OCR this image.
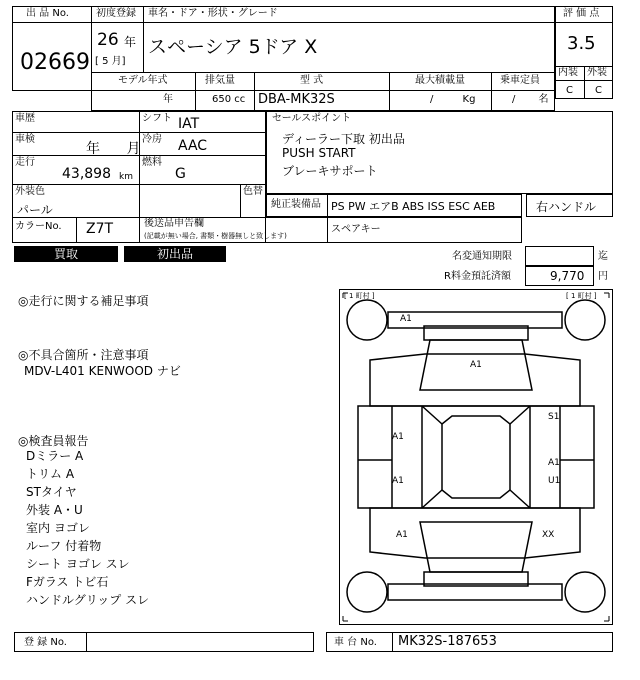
出 品 No.
02669
初度登録 車名・ドア・形状・グレード
26 年
[ 5 月]
スペーシア 5ドア X
モデル年式	排気量	型 式	最大積載量	乗車定員
年	650 cc DBA-MK32S	/ Kg	/ 名
評 価 点
3.5
内装 外装
C C
車歴	シフト IAT
車検
年 月
冷房 AAC
走行
43,898 km
燃料
G
外装色
パール
色替
カラーNo. Z7T	後送品申告欄
(記載が無い場合, 書類・樹器無しと致します)
スペアキー
セールスポイント
ディーラー下取 初出品
PUSH START
ブレーキサポート
純正装備品 PS PW エアB ABS ISS ESC AEB	右ハンドル
買取	初出品	名変通知期限	迄
R料金預託済額	9,770 円
◎走行に関する補足事項
◎不具合箇所・注意事項
MDV-L401 KENWOOD ナビ
◎検査員報告
Dミラー A
トリム A
STタイヤ
外装 A・U
室内 ヨゴレ
ルーフ 付着物
シート ヨゴレ スレ
Fガラス トビ石
ハンドルグリップ スレ
[ 1 町村 ]	[ 1 町村 ]
A1
A1
S1
A1
A1
A1	U1
A1	XX
登 録 No.	車 台 No. MK32S-187653
